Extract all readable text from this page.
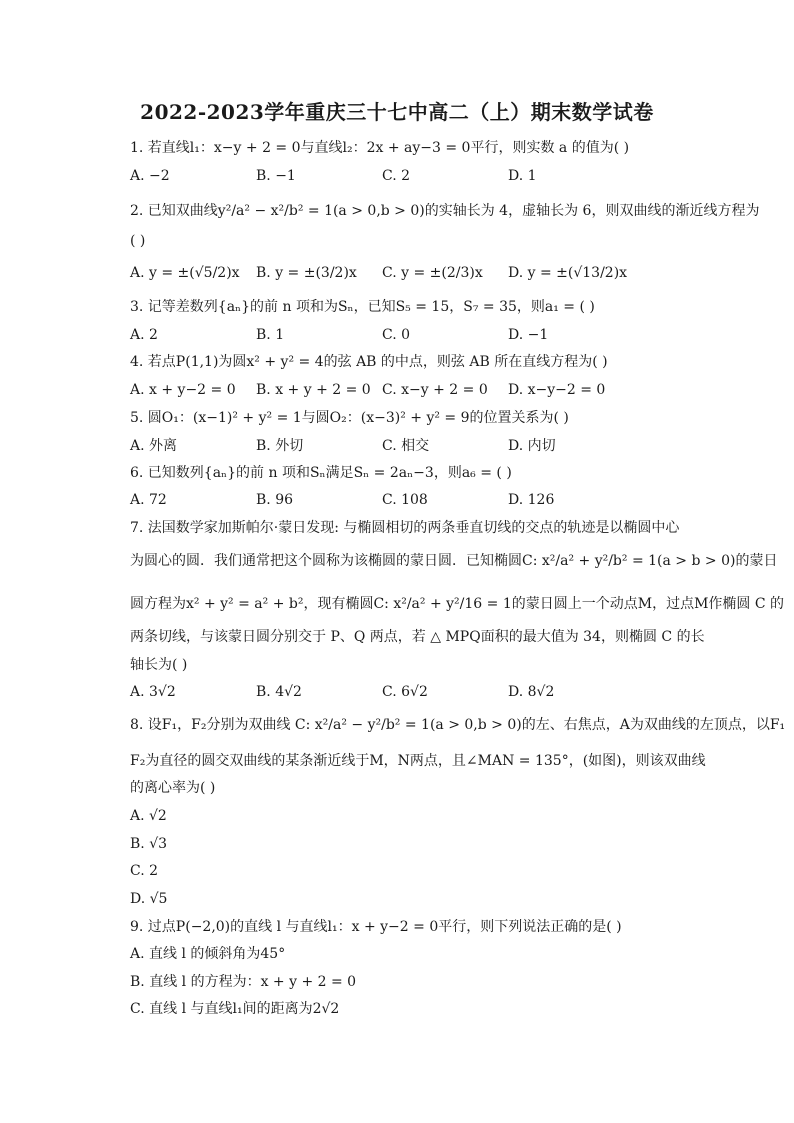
2022-2023学年重庆三十七中高二（上）期末数学试卷
1. 若直线l₁：x−y + 2 = 0与直线l₂：2x + ay−3 = 0平行，则实数 a 的值为( )
A. −2	B. −1	C. 2	D. 1
2. 已知双曲线y²/a² − x²/b² = 1(a > 0,b > 0)的实轴长为 4，虚轴长为 6，则双曲线的渐近线方程为
( )
A. y = ±(√5/2)x B. y = ±(3/2)x C. y = ±(2/3)x D. y = ±(√13/2)x
3. 记等差数列{aₙ}的前 n 项和为Sₙ，已知S₅ = 15，S₇ = 35，则a₁ = ( )
A. 2	B. 1	C. 0	D. −1
4. 若点P(1,1)为圆x² + y² = 4的弦 AB 的中点，则弦 AB 所在直线方程为( )
A. x + y−2 = 0 B. x + y + 2 = 0 C. x−y + 2 = 0 D. x−y−2 = 0
5. 圆O₁：(x−1)² + y² = 1与圆O₂：(x−3)² + y² = 9的位置关系为( )
A. 外离	B. 外切	C. 相交	D. 内切
6. 已知数列{aₙ}的前 n 项和Sₙ满足Sₙ = 2aₙ−3，则a₆ = ( )
A. 72	B. 96	C. 108	D. 126
7. 法国数学家加斯帕尔·蒙日发现: 与椭圆相切的两条垂直切线的交点的轨迹是以椭圆中心
为圆心的圆．我们通常把这个圆称为该椭圆的蒙日圆．已知椭圆C: x²/a² + y²/b² = 1(a > b > 0)的蒙日
圆方程为x² + y² = a² + b²，现有椭圆C: x²/a² + y²/16 = 1的蒙日圆上一个动点M，过点M作椭圆 C 的
两条切线，与该蒙日圆分别交于 P、Q 两点，若 △ MPQ面积的最大值为 34，则椭圆 C 的长
轴长为( )
A. 3√2	B. 4√2	C. 6√2	D. 8√2
8. 设F₁，F₂分别为双曲线 C: x²/a² − y²/b² = 1(a > 0,b > 0)的左、右焦点，A为双曲线的左顶点，以F₁
F₂为直径的圆交双曲线的某条渐近线于M，N两点，且∠MAN = 135°，(如图)，则该双曲线
的离心率为( )
A. √2
B. √3
C. 2
D. √5
9. 过点P(−2,0)的直线 l 与直线l₁：x + y−2 = 0平行，则下列说法正确的是( )
A. 直线 l 的倾斜角为45°
B. 直线 l 的方程为：x + y + 2 = 0
C. 直线 l 与直线l₁间的距离为2√2
